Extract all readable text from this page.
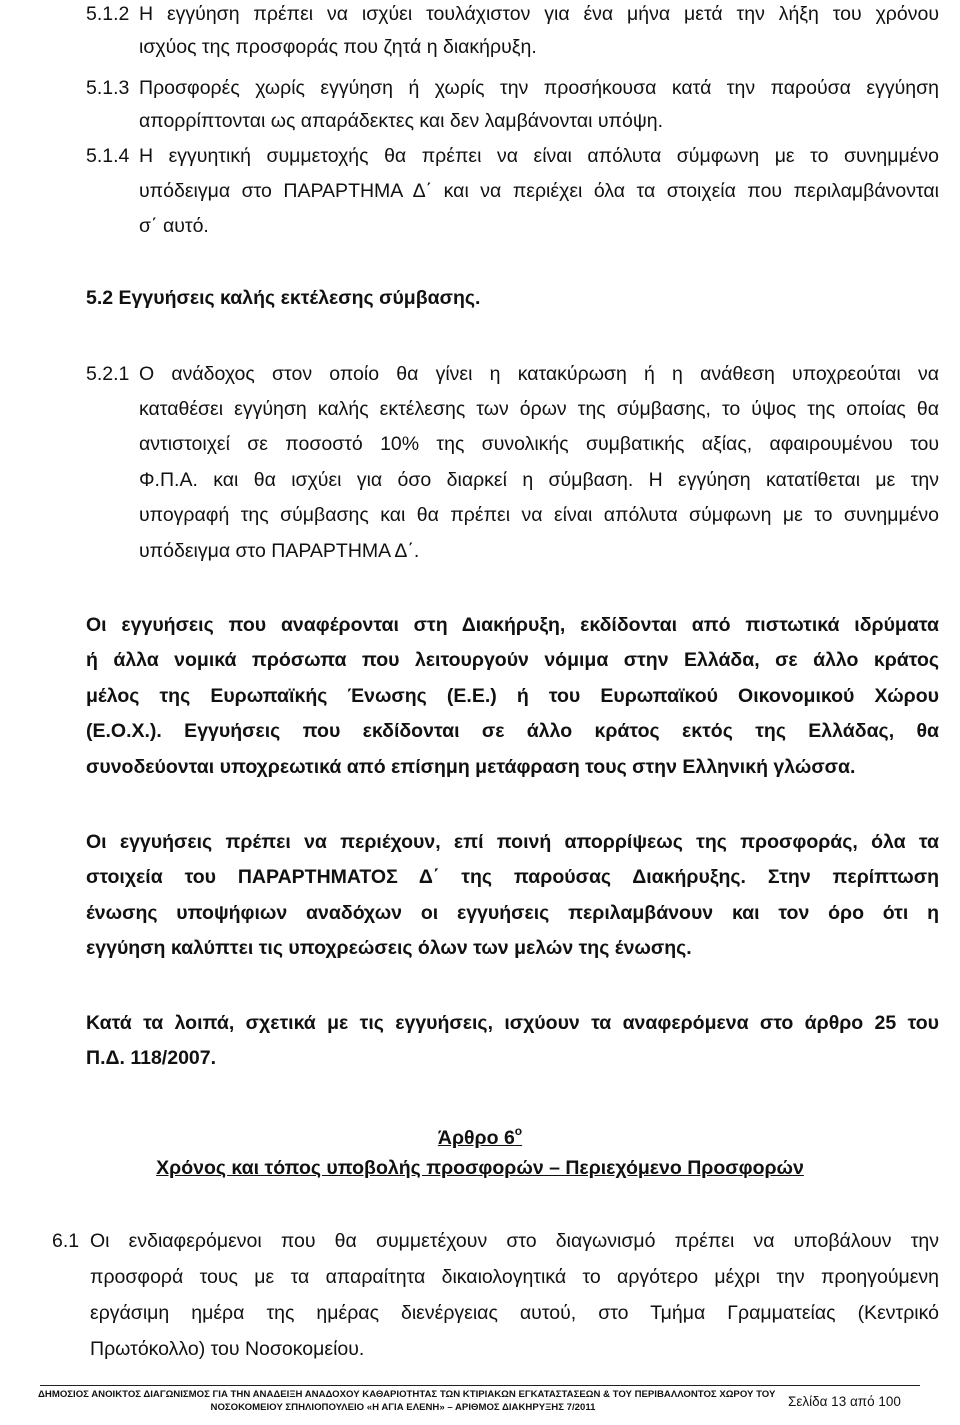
5.1.2 Η εγγύηση πρέπει να ισχύει τουλάχιστον για ένα μήνα μετά την λήξη του χρόνου
ισχύος της προσφοράς που ζητά η διακήρυξη.
5.1.3 Προσφορές χωρίς εγγύηση ή χωρίς την προσήκουσα κατά την παρούσα εγγύηση
απορρίπτονται ως απαράδεκτες και δεν λαμβάνονται υπόψη.
5.1.4 Η εγγυητική συμμετοχής θα πρέπει να είναι απόλυτα σύμφωνη με το συνημμένο
υπόδειγμα στο ΠΑΡΑΡΤΗΜΑ Δ΄ και να περιέχει όλα τα στοιχεία που περιλαμβάνονται
σ΄ αυτό.
5.2 Εγγυήσεις καλής εκτέλεσης σύμβασης.
5.2.1 Ο ανάδοχος στον οποίο θα γίνει η κατακύρωση ή η ανάθεση υποχρεούται να
καταθέσει εγγύηση καλής εκτέλεσης των όρων της σύμβασης, το ύψος της οποίας θα
αντιστοιχεί σε ποσοστό 10% της συνολικής συμβατικής αξίας, αφαιρουμένου του
Φ.Π.Α. και θα ισχύει για όσο διαρκεί η σύμβαση. Η εγγύηση κατατίθεται με την
υπογραφή της σύμβασης και θα πρέπει να είναι απόλυτα σύμφωνη με το συνημμένο
υπόδειγμα στο ΠΑΡΑΡΤΗΜΑ Δ΄.
Οι εγγυήσεις που αναφέρονται στη Διακήρυξη, εκδίδονται από πιστωτικά ιδρύματα
ή άλλα νομικά πρόσωπα που λειτουργούν νόμιμα στην Ελλάδα, σε άλλο κράτος
μέλος της Ευρωπαϊκής Ένωσης (Ε.Ε.) ή του Ευρωπαϊκού Οικονομικού Χώρου
(Ε.Ο.Χ.). Εγγυήσεις που εκδίδονται σε άλλο κράτος εκτός της Ελλάδας, θα
συνοδεύονται υποχρεωτικά από επίσημη μετάφραση τους στην Ελληνική γλώσσα.
Οι εγγυήσεις πρέπει να περιέχουν, επί ποινή απορρίψεως της προσφοράς, όλα τα
στοιχεία του ΠΑΡΑΡΤΗΜΑΤΟΣ Δ΄ της παρούσας Διακήρυξης. Στην περίπτωση
ένωσης υποψήφιων αναδόχων οι εγγυήσεις περιλαμβάνουν και τον όρο ότι η
εγγύηση καλύπτει τις υποχρεώσεις όλων των μελών της ένωσης.
Κατά τα λοιπά, σχετικά με τις εγγυήσεις, ισχύουν τα αναφερόμενα στο άρθρο 25 του
Π.Δ. 118/2007.
Άρθρο $6^o$
Χρόνος και τόπος υποβολής προσφορών – Περιεχόμενο Προσφορών
6.1 Οι ενδιαφερόμενοι που θα συμμετέχουν στο διαγωνισμό πρέπει να υποβάλουν την
προσφορά τους με τα απαραίτητα δικαιολογητικά το αργότερο μέχρι την προηγούμενη
εργάσιμη ημέρα της ημέρας διενέργειας αυτού, στο Τμήμα Γραμματείας (Κεντρικό
Πρωτόκολλο) του Νοσοκομείου.
ΔΗΜΟΣΙΟΣ ΑΝΟΙΚΤΟΣ ΔΙΑΓΩΝΙΣΜΟΣ ΓΙΑ ΤΗΝ ΑΝΑΔΕΙΞΗ ΑΝΑΔΟΧΟΥ ΚΑΘΑΡΙΟΤΗΤΑΣ ΤΩΝ ΚΤΙΡΙΑΚΩΝ ΕΓΚΑΤΑΣΤΑΣΕΩΝ & ΤΟΥ ΠΕΡΙΒΑΛΛΟΝΤΟΣ ΧΩΡΟΥ ΤΟΥ
ΝΟΣΟΚΟΜΕΙΟΥ ΣΠΗΛΙΟΠΟΥΛΕΙΟ «Η ΑΓΙΑ ΕΛΕΝΗ» – ΑΡΙΘΜΟΣ ΔΙΑΚΗΡΥΞΗΣ 7/2011	Σελίδα 13 από 100
